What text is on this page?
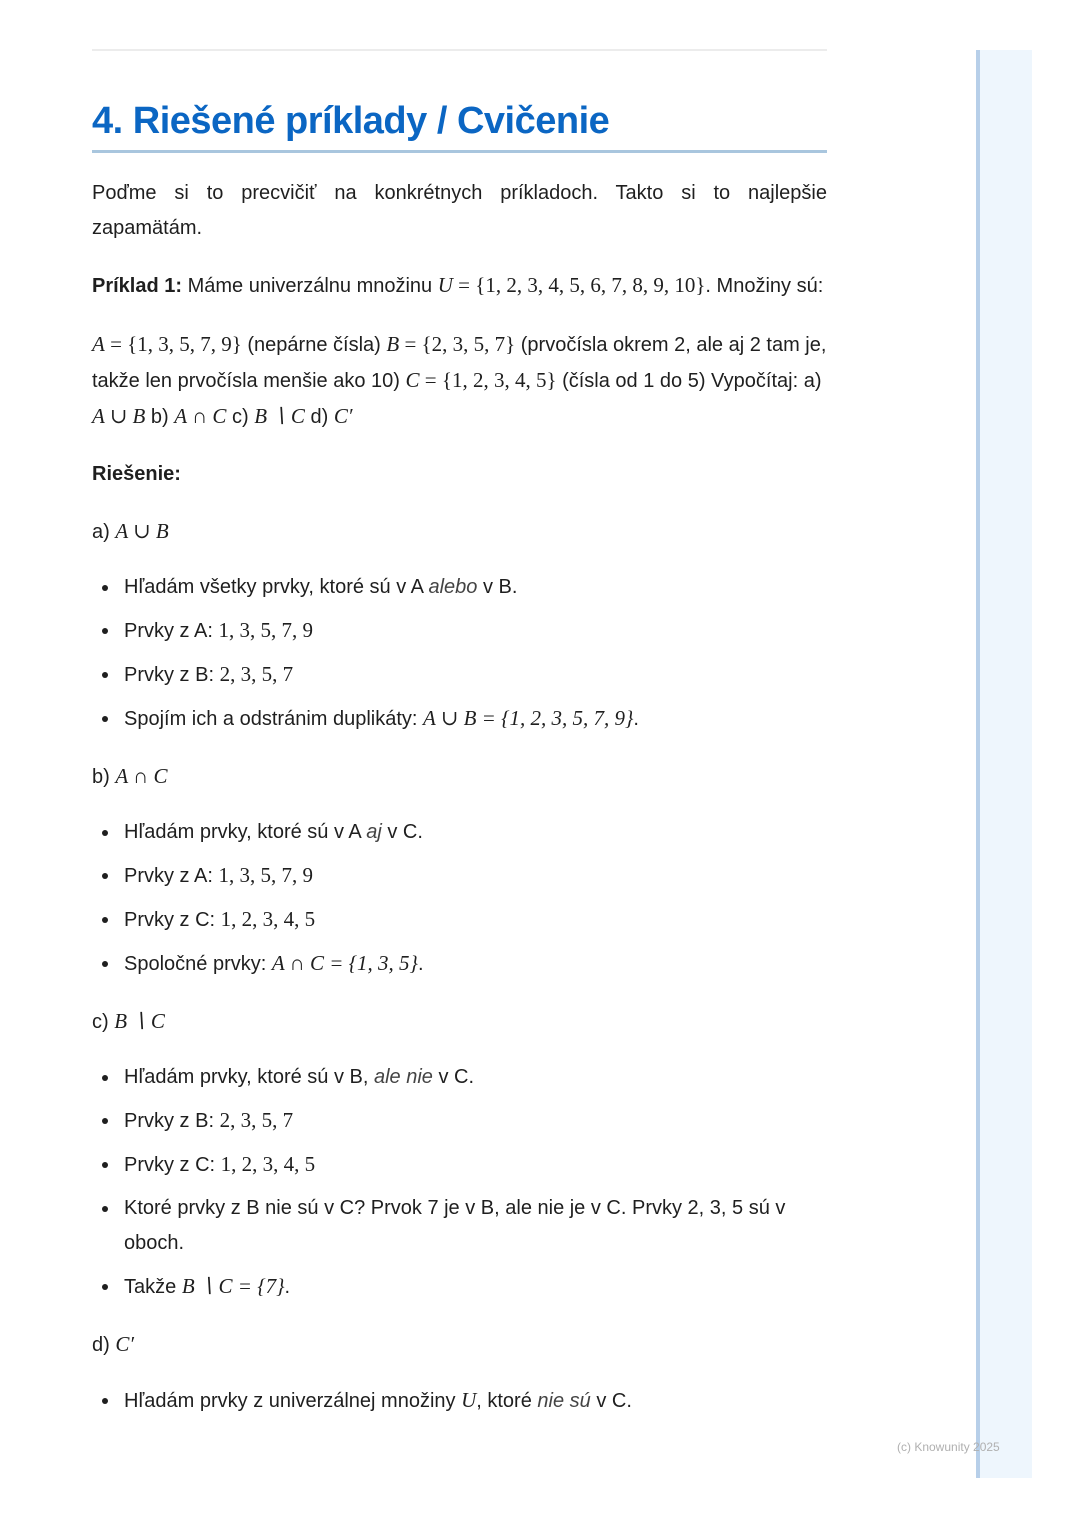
4. Riešené príklady / Cvičenie

Poďme si to precvičiť na konkrétnych príkladoch. Takto si to najlepšie zapamätám.

Príklad 1: Máme univerzálnu množinu U = {1, 2, 3, 4, 5, 6, 7, 8, 9, 10}. Množiny sú:

A = {1, 3, 5, 7, 9} (nepárne čísla) B = {2, 3, 5, 7} (prvočísla okrem 2, ale aj 2 tam je, takže len prvočísla menšie ako 10) C = {1, 2, 3, 4, 5} (čísla od 1 do 5) Vypočítaj: a) A ∪ B b) A ∩ C c) B ∖ C d) C′

Riešenie:

a) A ∪ B

Hľadám všetky prvky, ktoré sú v A alebo v B.
Prvky z A: 1, 3, 5, 7, 9
Prvky z B: 2, 3, 5, 7
Spojím ich a odstránim duplikáty: A ∪ B = {1, 2, 3, 5, 7, 9}.

b) A ∩ C

Hľadám prvky, ktoré sú v A aj v C.
Prvky z A: 1, 3, 5, 7, 9
Prvky z C: 1, 2, 3, 4, 5
Spoločné prvky: A ∩ C = {1, 3, 5}.

c) B ∖ C

Hľadám prvky, ktoré sú v B, ale nie v C.
Prvky z B: 2, 3, 5, 7
Prvky z C: 1, 2, 3, 4, 5
Ktoré prvky z B nie sú v C? Prvok 7 je v B, ale nie je v C. Prvky 2, 3, 5 sú v oboch.
Takže B ∖ C = {7}.

d) C′

Hľadám prvky z univerzálnej množiny U, ktoré nie sú v C.
(c) Knowunity 2025
